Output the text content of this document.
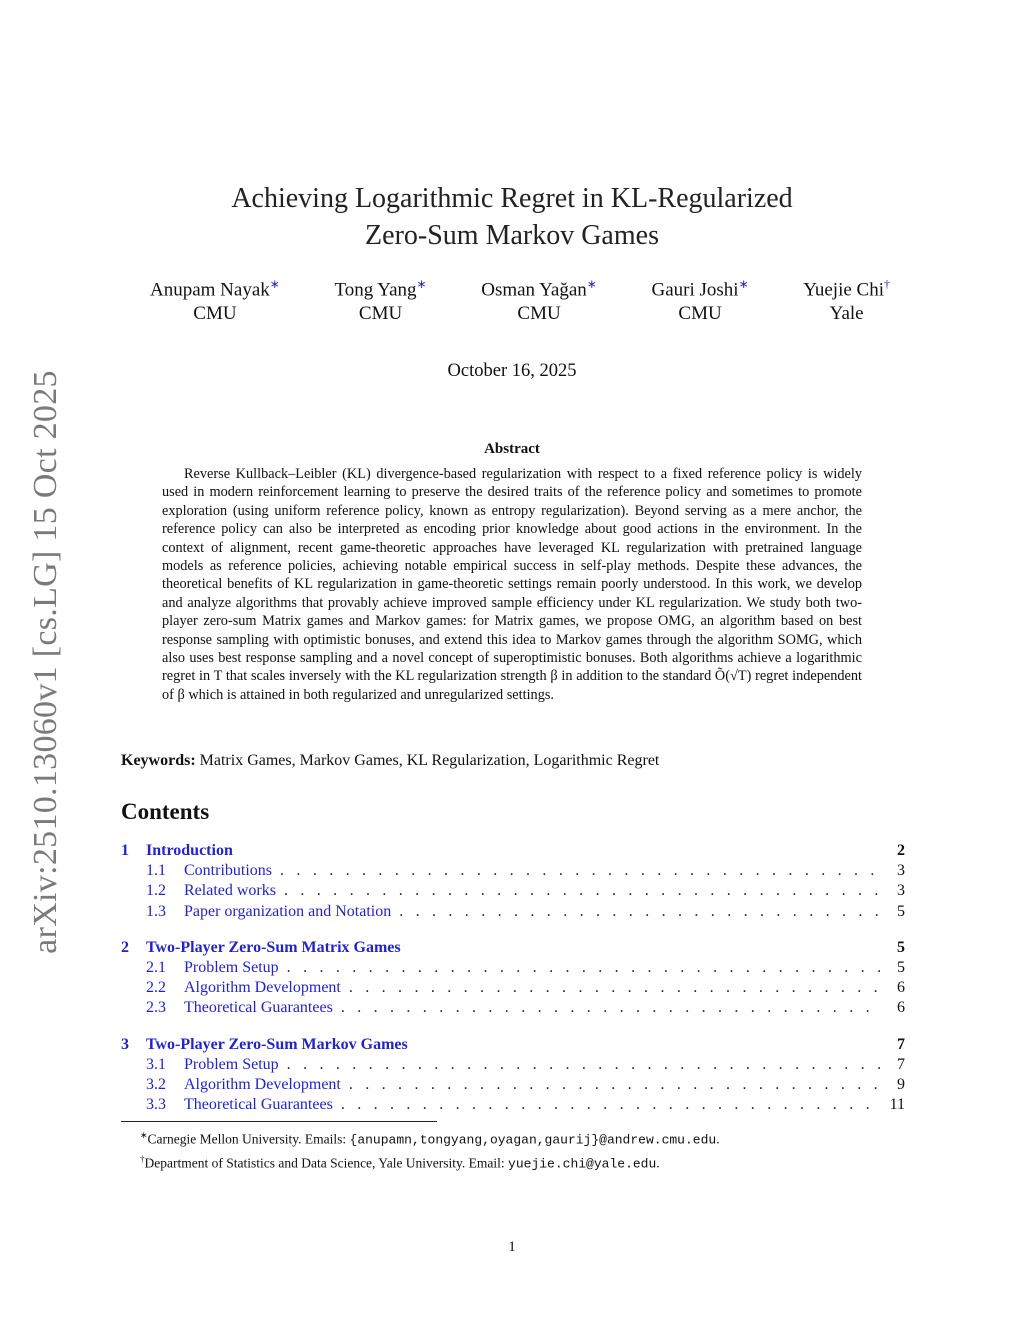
arXiv:2510.13060v1 [cs.LG] 15 Oct 2025
Achieving Logarithmic Regret in KL-Regularized
Zero-Sum Markov Games
Anupam Nayak∗
CMU
Tong Yang∗
CMU
Osman Yağan∗
CMU
Gauri Joshi∗
CMU
Yuejie Chi†
Yale
October 16, 2025
Abstract
Reverse Kullback–Leibler (KL) divergence-based regularization with respect to a fixed reference policy is widely used in modern reinforcement learning to preserve the desired traits of the reference policy and sometimes to promote exploration (using uniform reference policy, known as entropy regularization). Beyond serving as a mere anchor, the reference policy can also be interpreted as encoding prior knowledge about good actions in the environment. In the context of alignment, recent game-theoretic approaches have leveraged KL regularization with pretrained language models as reference policies, achieving notable empirical success in self-play methods. Despite these advances, the theoretical benefits of KL regularization in game-theoretic settings remain poorly understood. In this work, we develop and analyze algorithms that provably achieve improved sample efficiency under KL regularization. We study both two-player zero-sum Matrix games and Markov games: for Matrix games, we propose OMG, an algorithm based on best response sampling with optimistic bonuses, and extend this idea to Markov games through the algorithm SOMG, which also uses best response sampling and a novel concept of superoptimistic bonuses. Both algorithms achieve a logarithmic regret in T that scales inversely with the KL regularization strength β in addition to the standard Õ(√T) regret independent of β which is attained in both regularized and unregularized settings.
Keywords: Matrix Games, Markov Games, KL Regularization, Logarithmic Regret
Contents
1	Introduction	2
1.1	Contributions . . .	3
1.2	Related works . . .	3
1.3	Paper organization and Notation . . .	5
2	Two-Player Zero-Sum Matrix Games	5
2.1	Problem Setup . . .	5
2.2	Algorithm Development . . .	6
2.3	Theoretical Guarantees . . .	6
3	Two-Player Zero-Sum Markov Games	7
3.1	Problem Setup . . .	7
3.2	Algorithm Development . . .	9
3.3	Theoretical Guarantees . . .	11
∗Carnegie Mellon University. Emails: {anupamn,tongyang,oyagan,gaurij}@andrew.cmu.edu.
†Department of Statistics and Data Science, Yale University. Email: yuejie.chi@yale.edu.
1
